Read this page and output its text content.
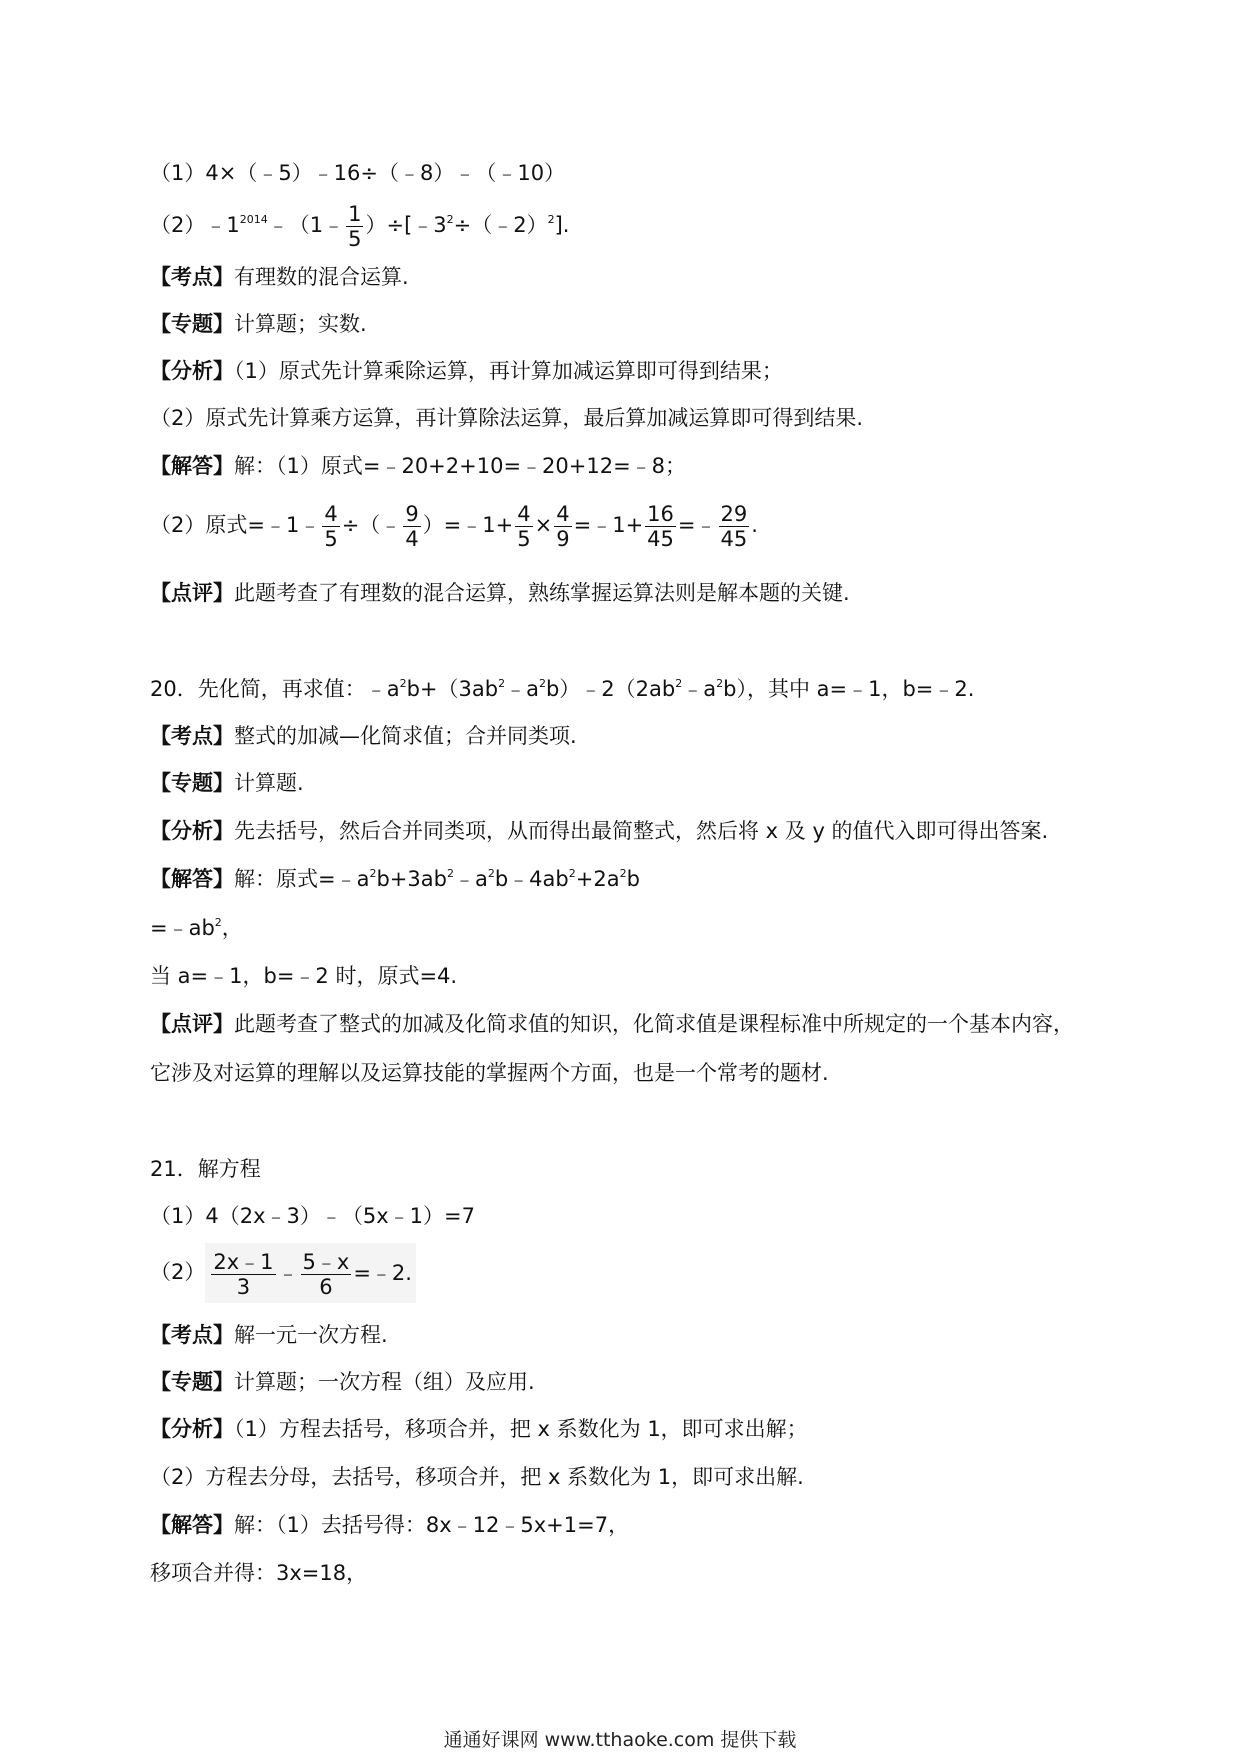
（1）4×（﹣5）﹣16÷（﹣8）﹣（﹣10）
$(2)﹣1^{2014}﹣(1﹣ \frac{1}{5}$ ）$\div[﹣3^2\div(﹣2)^2]$.
【考点】有理数的混合运算.
【专题】计算题；实数.
【分析】（1）原式先计算乘除运算，再计算加减运算即可得到结果；
（2）原式先计算乘方运算，再计算除法运算，最后算加减运算即可得到结果.
【解答】解：（1）原式=﹣20+2+10=﹣20+12=﹣8；
（2）原式=﹣1﹣ $\frac{4}{5}$ ÷（﹣ $\frac{9}{4}$ ）=﹣1+ $\frac{4}{5} \times \frac{4}{9}$ =﹣1+ $\frac{16}{45}$ =﹣ $\frac{29}{45}$ .
【点评】此题考查了有理数的混合运算，熟练掌握运算法则是解本题的关键.
20．先化简，再求值：$﹣a^2b+(3ab^2﹣a^2b)﹣2(2ab^2﹣a^2b)$，其中 a=﹣1，b=﹣2.
【考点】整式的加减—化简求值；合并同类项.
【专题】计算题.
【分析】先去括号，然后合并同类项，从而得出最简整式，然后将 x 及 y 的值代入即可得出答案.
【解答】解：原式$=﹣a^2b+3ab^2﹣a^2b﹣4ab^2+2a^2b$
$=﹣ab^2$，
当 a=﹣1，b=﹣2 时，原式=4.
【点评】此题考查了整式的加减及化简求值的知识，化简求值是课程标准中所规定的一个基本内容，
它涉及对运算的理解以及运算技能的掌握两个方面，也是一个常考的题材.
21．解方程
（1）4（2x﹣3）﹣（5x﹣1）=7
$(2) \frac{2x﹣1}{3}$ ﹣ $\frac{5﹣x}{6}$ =﹣2.
【考点】解一元一次方程.
【专题】计算题；一次方程（组）及应用.
【分析】（1）方程去括号，移项合并，把 x 系数化为 1，即可求出解；
（2）方程去分母，去括号，移项合并，把 x 系数化为 1，即可求出解.
【解答】解：（1）去括号得：8x﹣12﹣5x+1=7，
移项合并得：3x=18，
通通好课网 www.tthaoke.com 提供下载
